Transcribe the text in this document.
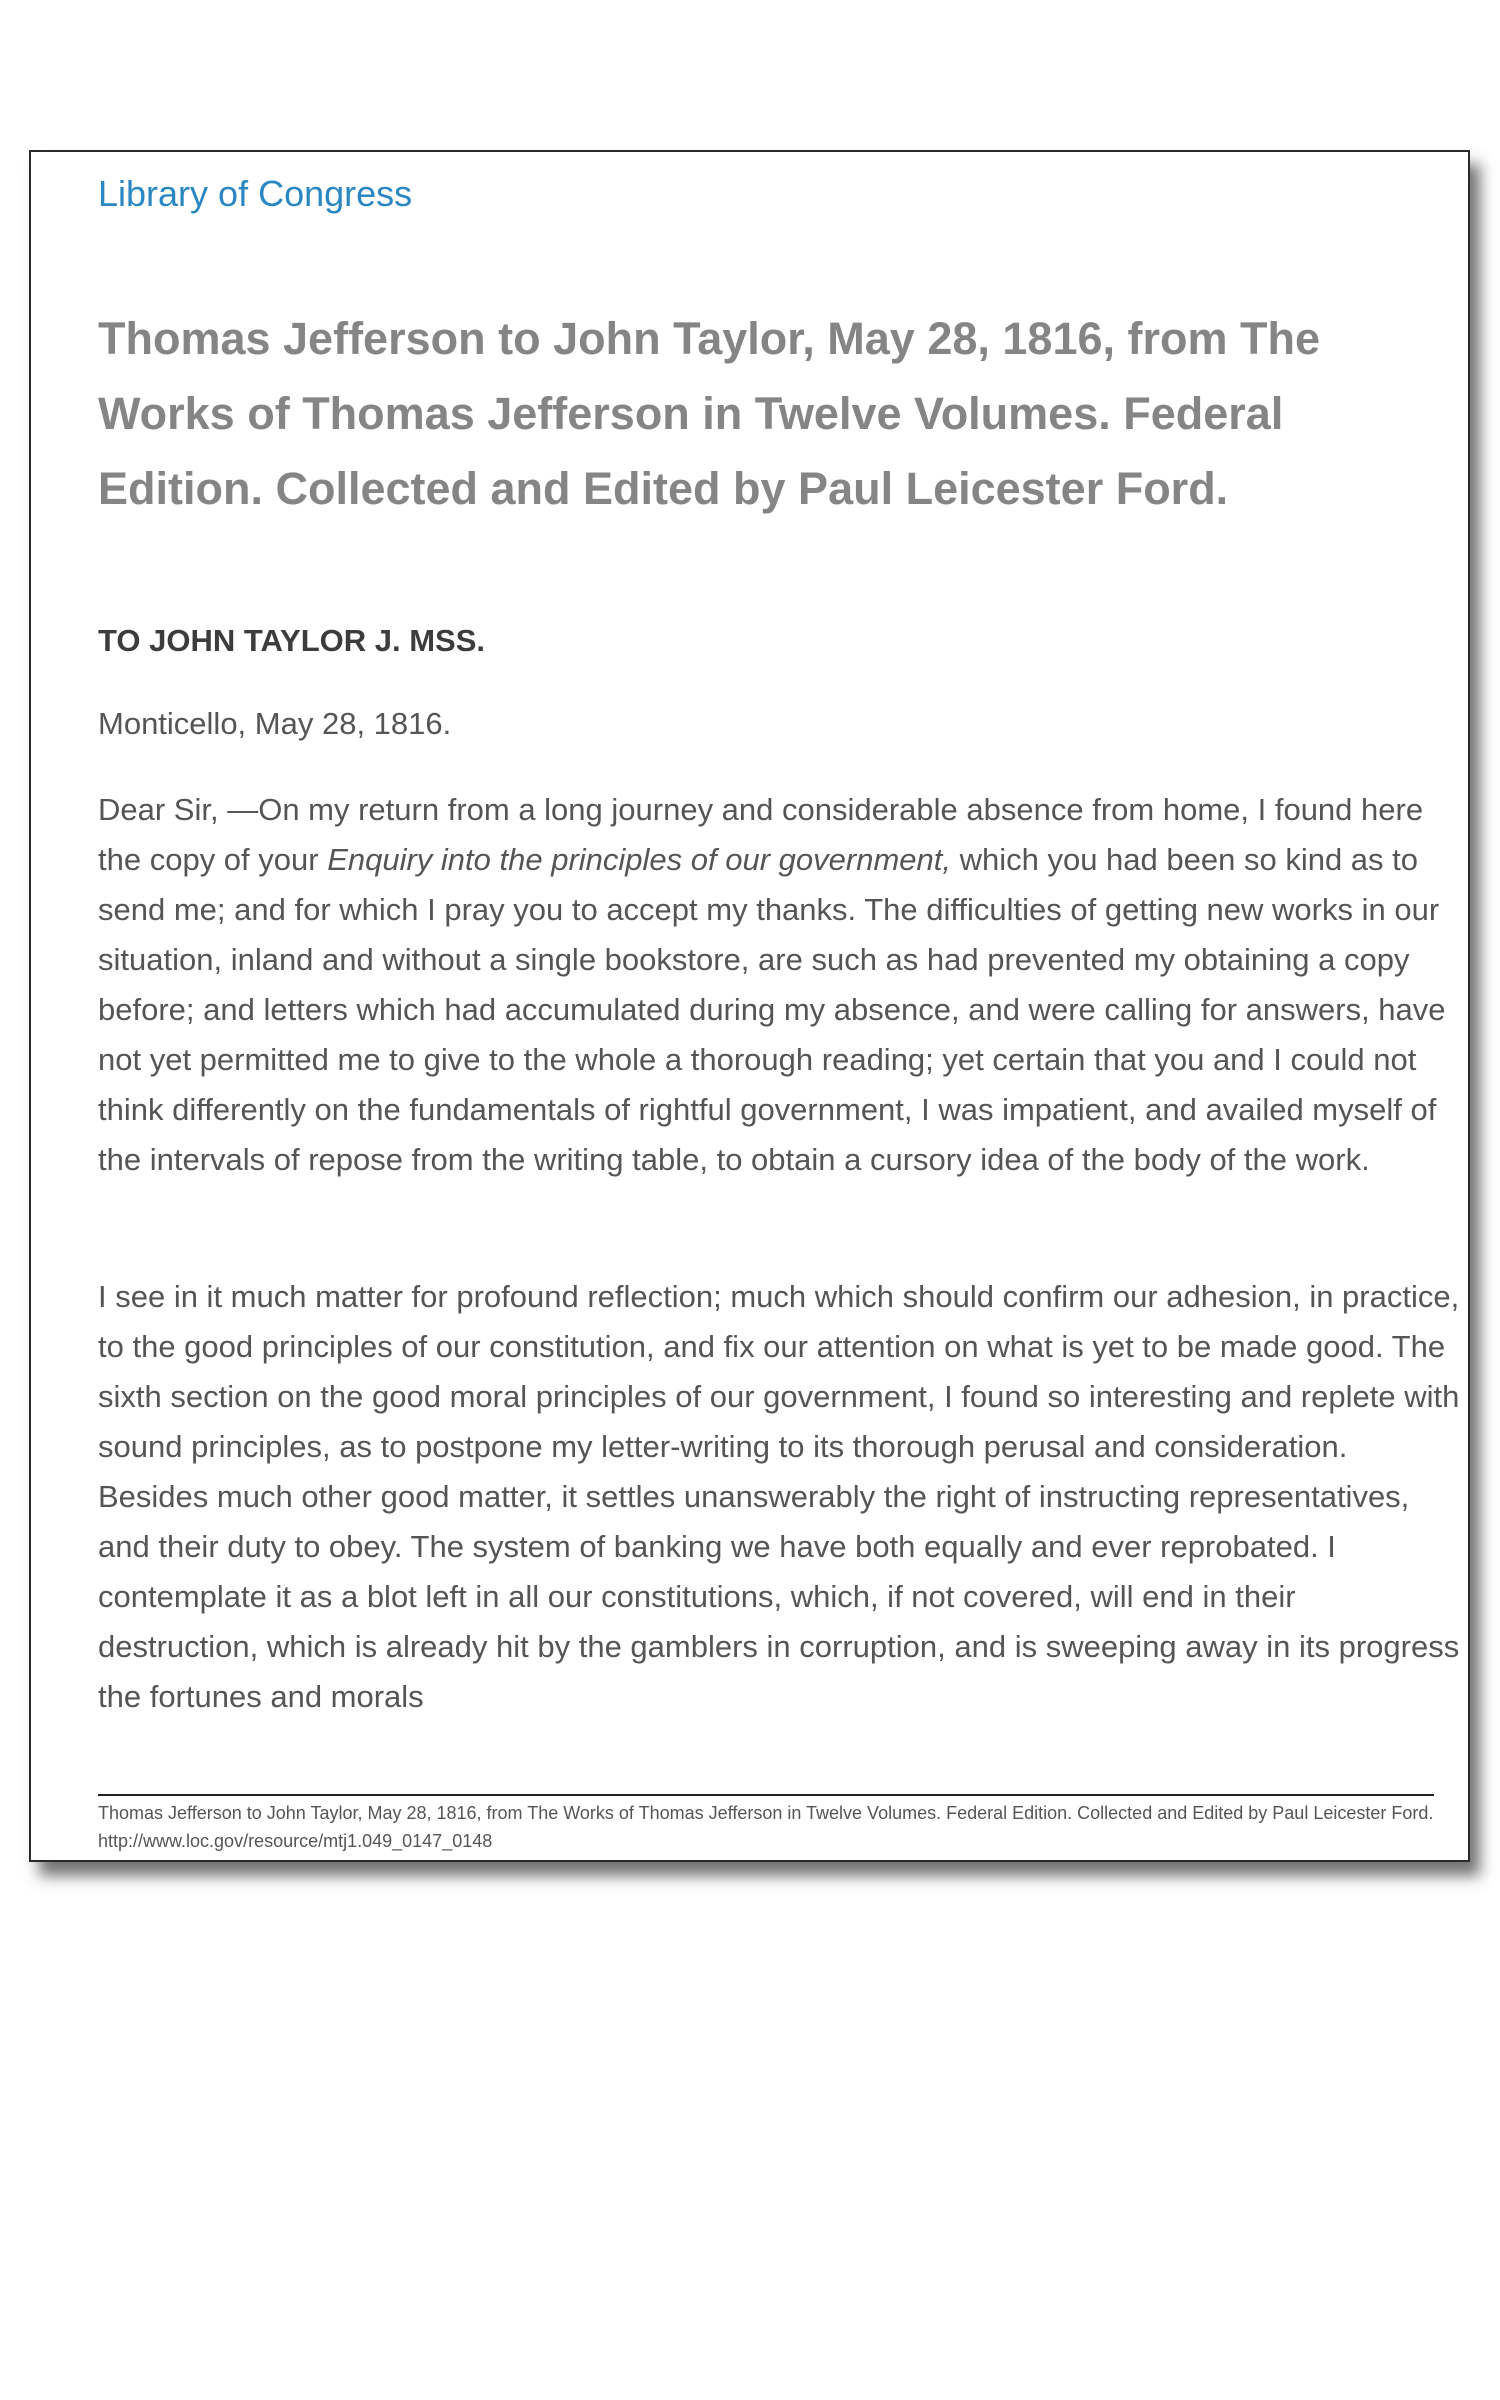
Library of Congress
Thomas Jefferson to John Taylor, May 28, 1816, from The Works of Thomas Jefferson in Twelve Volumes. Federal Edition. Collected and Edited by Paul Leicester Ford.
TO JOHN TAYLOR J. MSS.
Monticello, May 28, 1816.

Dear Sir, —On my return from a long journey and considerable absence from home, I found here the copy of your Enquiry into the principles of our government, which you had been so kind as to send me; and for which I pray you to accept my thanks. The difficulties of getting new works in our situation, inland and without a single bookstore, are such as had prevented my obtaining a copy before; and letters which had accumulated during my absence, and were calling for answers, have not yet permitted me to give to the whole a thorough reading; yet certain that you and I could not think differently on the fundamentals of rightful government, I was impatient, and availed myself of the intervals of repose from the writing table, to obtain a cursory idea of the body of the work.

I see in it much matter for profound reflection; much which should confirm our adhesion, in practice, to the good principles of our constitution, and fix our attention on what is yet to be made good. The sixth section on the good moral principles of our government, I found so interesting and replete with sound principles, as to postpone my letter-writing to its thorough perusal and consideration. Besides much other good matter, it settles unanswerably the right of instructing representatives, and their duty to obey. The system of banking we have both equally and ever reprobated. I contemplate it as a blot left in all our constitutions, which, if not covered, will end in their destruction, which is already hit by the gamblers in corruption, and is sweeping away in its progress the fortunes and morals

Thomas Jefferson to John Taylor, May 28, 1816, from The Works of Thomas Jefferson in Twelve Volumes. Federal Edition. Collected and Edited by Paul Leicester Ford. http://www.loc.gov/resource/mtj1.049_0147_0148
